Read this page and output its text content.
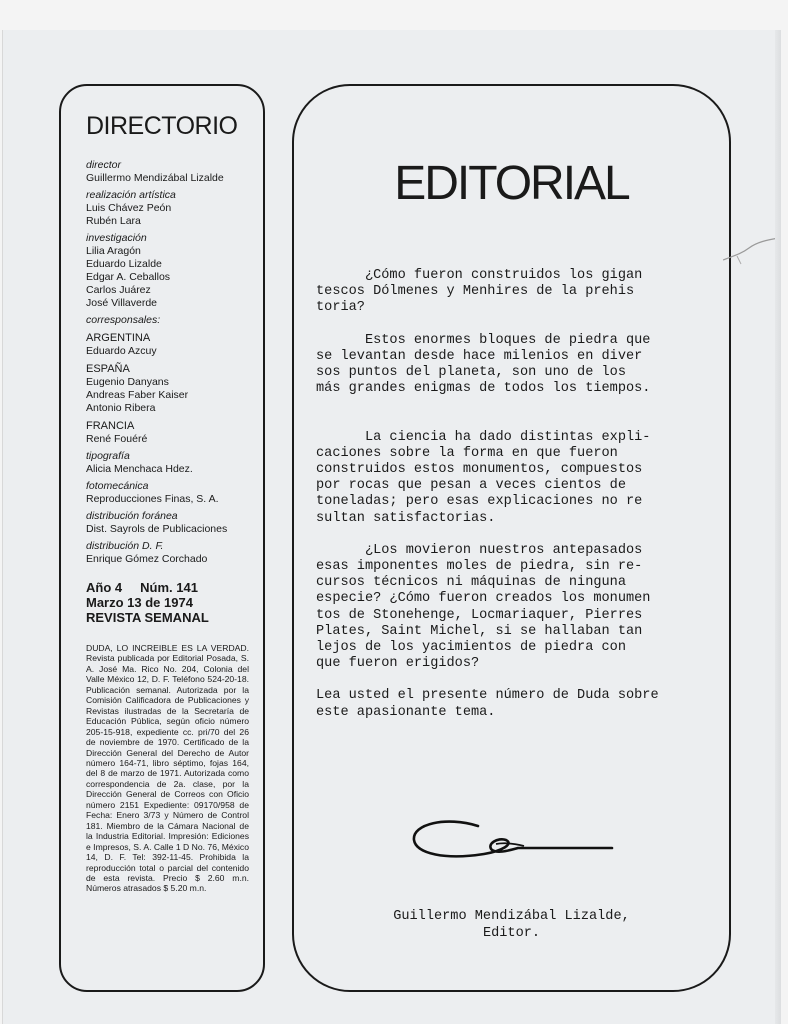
DIRECTORIO
director
Guillermo Mendizábal Lizalde
realización artística
Luis Chávez Peón
Rubén Lara
investigación
Lilia Aragón
Eduardo Lizalde
Edgar A. Ceballos
Carlos Juárez
José Villaverde
corresponsales:
ARGENTINA
Eduardo Azcuy
ESPAÑA
Eugenio Danyans
Andreas Faber Kaiser
Antonio Ribera
FRANCIA
René Fouéré
tipografía
Alicia Menchaca Hdez.
fotomecánica
Reproducciones Finas, S. A.
distribución foránea
Dist. Sayrols de Publicaciones
distribución D. F.
Enrique Gómez Corchado
Año 4     Núm. 141
Marzo 13 de 1974
REVISTA SEMANAL
DUDA, LO INCREIBLE ES LA VERDAD. Revista publicada por Editorial Posada, S. A. José Ma. Rico No. 204, Colonia del Valle México 12, D. F. Teléfono 524-20-18. Publicación semanal. Autorizada por la Comisión Calificadora de Publicaciones y Revistas ilustradas de la Secretaría de Educación Pública, según oficio número 205-15-918, expediente cc. pri/70 del 26 de noviembre de 1970. Certificado de la Dirección General del Derecho de Autor número 164-71, libro séptimo, fojas 164, del 8 de marzo de 1971. Autorizada como correspondencia de 2a. clase, por la Dirección General de Correos con Oficio número 2151 Expediente: 09170/958 de Fecha: Enero 3/73 y Número de Control 181. Miembro de la Cámara Nacional de la Industria Editorial. Impresión: Ediciones e Impresos, S. A. Calle 1 D No. 76, México 14, D. F. Tel: 392-11-45. Prohibida la reproducción total o parcial del contenido de esta revista. Precio $ 2.60 m.n. Números atrasados $ 5.20 m.n.
EDITORIAL
¿Cómo fueron construidos los gigan
tescos Dólmenes y Menhires de la prehis
toria?
Estos enormes bloques de piedra que
se levantan desde hace milenios en diver
sos puntos del planeta, son uno de los
más grandes enigmas de todos los tiempos.

La ciencia ha dado distintas expli-
caciones sobre la forma en que fueron
construidos estos monumentos, compuestos
por rocas que pesan a veces cientos de
toneladas; pero esas explicaciones no re
sultan satisfactorias.
¿Los movieron nuestros antepasados
esas imponentes moles de piedra, sin re-
cursos técnicos ni máquinas de ninguna
especie? ¿Cómo fueron creados los monumen
tos de Stonehenge, Locmariaquer, Pierres
Plates, Saint Michel, si se hallaban tan
lejos de los yacimientos de piedra con
que fueron erigidos?
Lea usted el presente número de Duda sobre
este apasionante tema.
Guillermo Mendizábal Lizalde,
Editor.
